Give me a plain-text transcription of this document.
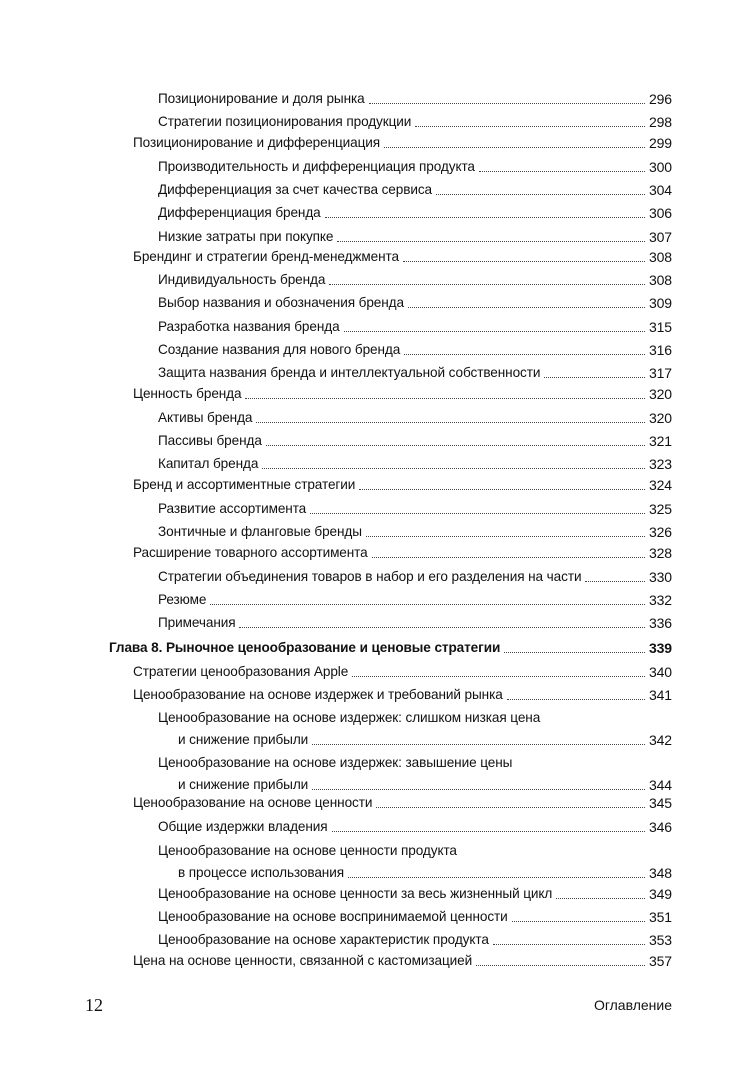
Позиционирование и доля рынка	296
Стратегии позиционирования продукции	298
Позиционирование и дифференциация	299
Производительность и дифференциация продукта	300
Дифференциация за счет качества сервиса	304
Дифференциация бренда	306
Низкие затраты при покупке	307
Брендинг и стратегии бренд-менеджмента	308
Индивидуальность бренда	308
Выбор названия и обозначения бренда	309
Разработка названия бренда	315
Создание названия для нового бренда	316
Защита названия бренда и интеллектуальной собственности	317
Ценность бренда	320
Активы бренда	320
Пассивы бренда	321
Капитал бренда	323
Бренд и ассортиментные стратегии	324
Развитие ассортимента	325
Зонтичные и фланговые бренды	326
Расширение товарного ассортимента	328
Стратегии объединения товаров в набор и его разделения на части	330
Резюме	332
Примечания	336
Глава 8. Рыночное ценообразование и ценовые стратегии	339
Стратегии ценообразования Apple	340
Ценообразование на основе издержек и требований рынка	341
Ценообразование на основе издержек: слишком низкая цена
и снижение прибыли	342
Ценообразование на основе издержек: завышение цены
и снижение прибыли	344
Ценообразование на основе ценности	345
Общие издержки владения	346
Ценообразование на основе ценности продукта
в процессе использования	348
Ценообразование на основе ценности за весь жизненный цикл	349
Ценообразование на основе воспринимаемой ценности	351
Ценообразование на основе характеристик продукта	353
Цена на основе ценности, связанной с кастомизацией	357
12	Оглавление
